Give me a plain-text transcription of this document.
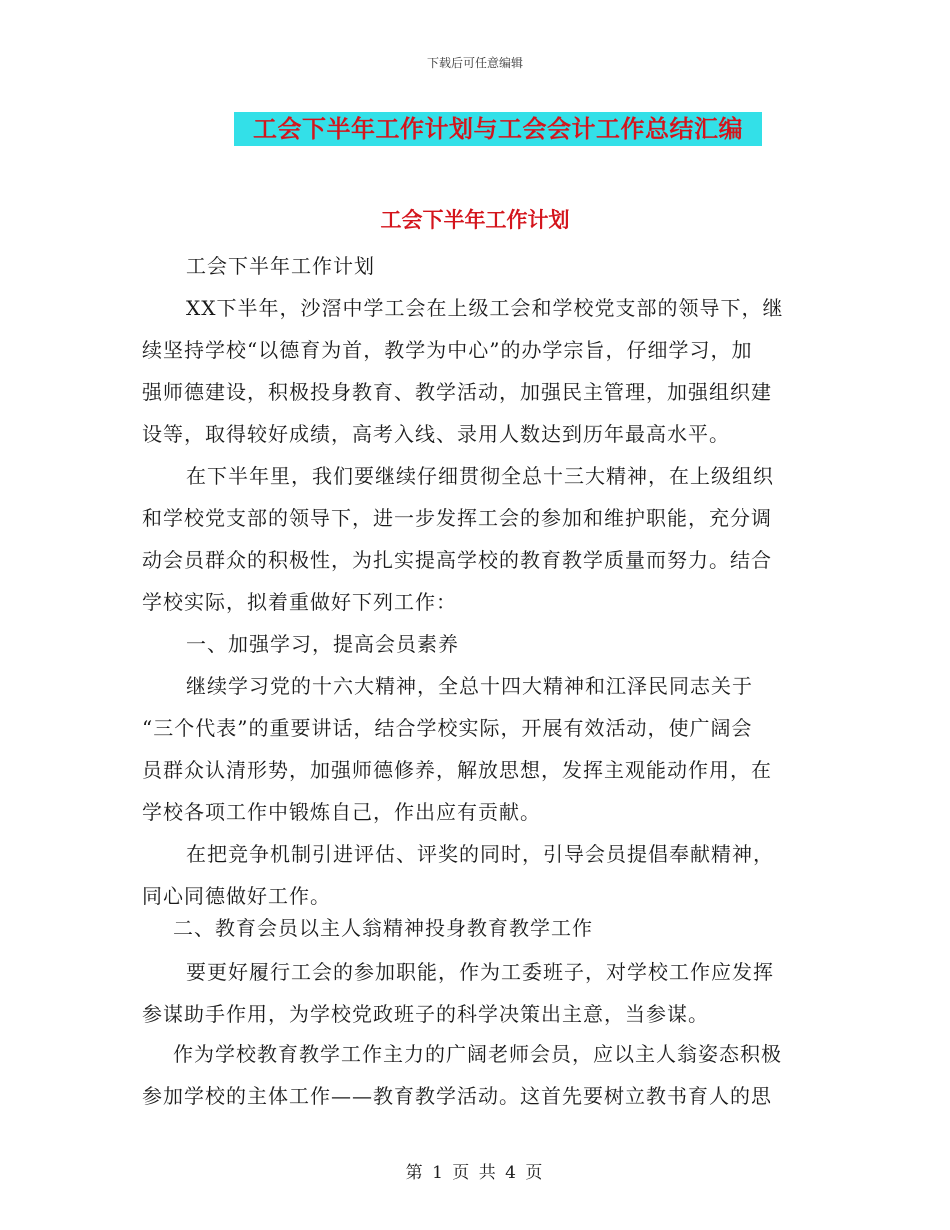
下载后可任意编辑
工会下半年工作计划与工会会计工作总结汇编
工会下半年工作计划
工会下半年工作计划
XX下半年，沙滘中学工会在上级工会和学校党支部的领导下，继
续坚持学校“以德育为首，教学为中心”的办学宗旨，仔细学习，加
强师德建设，积极投身教育、教学活动，加强民主管理，加强组织建
设等，取得较好成绩，高考入线、录用人数达到历年最高水平。
在下半年里，我们要继续仔细贯彻全总十三大精神，在上级组织
和学校党支部的领导下，进一步发挥工会的参加和维护职能，充分调
动会员群众的积极性，为扎实提高学校的教育教学质量而努力。结合
学校实际，拟着重做好下列工作：
一、加强学习，提高会员素养
继续学习党的十六大精神，全总十四大精神和江泽民同志关于
“三个代表”的重要讲话，结合学校实际，开展有效活动，使广阔会
员群众认清形势，加强师德修养，解放思想，发挥主观能动作用，在
学校各项工作中锻炼自己，作出应有贡献。
在把竞争机制引进评估、评奖的同时，引导会员提倡奉献精神，
同心同德做好工作。
二、教育会员以主人翁精神投身教育教学工作
要更好履行工会的参加职能，作为工委班子，对学校工作应发挥
参谋助手作用，为学校党政班子的科学决策出主意，当参谋。
作为学校教育教学工作主力的广阔老师会员，应以主人翁姿态积极
参加学校的主体工作——教育教学活动。这首先要树立教书育人的思
第 1 页 共 4 页
